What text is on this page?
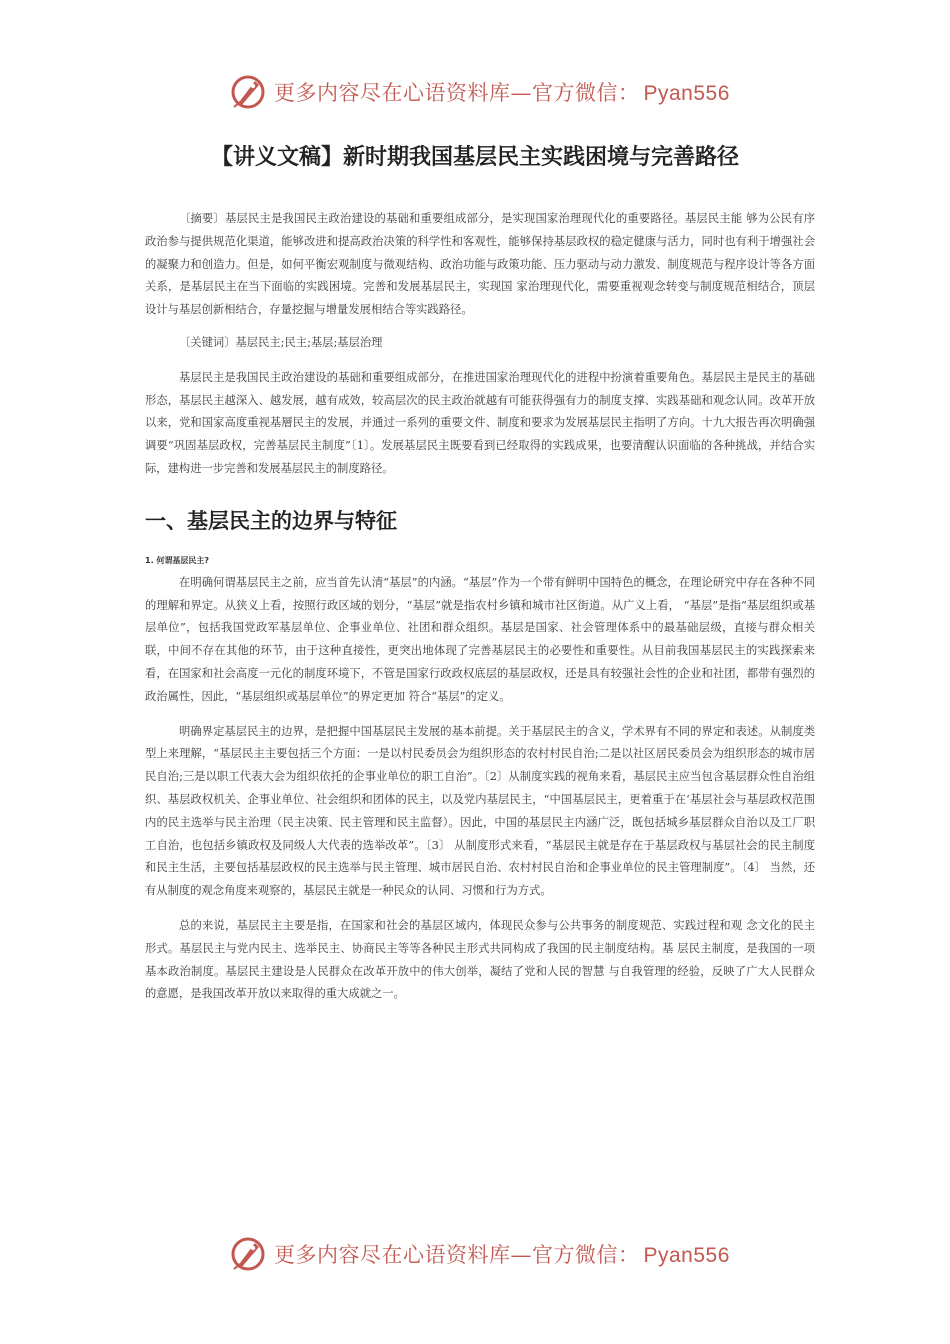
更多内容尽在心语资料库—官方微信： Pyan556
【讲义文稿】新时期我国基层民主实践困境与完善路径

〔摘要〕基层民主是我国民主政治建设的基础和重要组成部分，是实现国家治理现代化的重要路径。基层民主能 够为公民有序政治参与提供规范化渠道，能够改进和提高政治决策的科学性和客观性，能够保持基层政权的稳定健康与活力，同时也有利于增强社会的凝聚力和创造力。但是，如何平衡宏观制度与微观结构、政治功能与政策功能、压力驱动与动力激发、制度规范与程序设计等各方面关系，是基层民主在当下面临的实践困境。完善和发展基层民主，实现国 家治理现代化，需要重视观念转变与制度规范相结合，顶层设计与基层创新相结合，存量挖掘与增量发展相结合等实践路径。

〔关键词〕基层民主;民主;基层;基层治理

基层民主是我国民主政治建设的基础和重要组成部分，在推进国家治理现代化的进程中扮演着重要角色。基层民主是民主的基础形态，基层民主越深入、越发展，越有成效，较高层次的民主政治就越有可能获得强有力的制度支撑、实践基础和观念认同。改革开放以来，党和国家高度重视基層民主的发展，并通过一系列的重要文件、制度和要求为发展基层民主指明了方向。十九大报告再次明确强调要“巩固基层政权，完善基层民主制度”〔1〕。发展基层民主既要看到已经取得的实践成果，也要清醒认识面临的各种挑战，并结合实际，建构进一步完善和发展基层民主的制度路径。

一、基层民主的边界与特征
1. 何谓基层民主?

在明确何谓基层民主之前，应当首先认清“基层”的内涵。“基层”作为一个带有鲜明中国特色的概念，在理论研究中存在各种不同的理解和界定。从狭义上看，按照行政区域的划分，“基层”就是指农村乡镇和城市社区街道。从广义上看， “基层”是指“基层组织或基层单位”，包括我国党政军基层单位、企事业单位、社团和群众组织。基层是国家、社会管理体系中的最基础层级，直接与群众相关联，中间不存在其他的环节，由于这种直接性，更突出地体现了完善基层民主的必要性和重要性。从目前我国基层民主的实践探索来看，在国家和社会高度一元化的制度环境下，不管是国家行政政权底层的基层政权，还是具有较强社会性的企业和社团，都带有强烈的政治属性，因此，“基层组织或基层单位”的界定更加 符合“基层”的定义。

明确界定基层民主的边界，是把握中国基层民主发展的基本前提。关于基层民主的含义，学术界有不同的界定和表述。从制度类型上来理解，“基层民主主要包括三个方面：一是以村民委员会为组织形态的农村村民自治;二是以社区居民委员会为组织形态的城市居民自治;三是以职工代表大会为组织依托的企事业单位的职工自治”。〔2〕从制度实践的视角来看，基层民主应当包含基层群众性自治组织、基层政权机关、企事业单位、社会组织和团体的民主，以及党内基层民主，“中国基层民主，更着重于在‘基层社会与基层政权范围内的民主选举与民主治理（民主决策、民主管理和民主监督）。因此，中国的基层民主内涵广泛，既包括城乡基层群众自治以及工厂职工自治，也包括乡镇政权及同级人大代表的选举改革”。〔3〕 从制度形式来看，“基层民主就是存在于基层政权与基层社会的民主制度和民主生活，主要包括基层政权的民主选举与民主管理、城市居民自治、农村村民自治和企事业单位的民主管理制度”。〔4〕 当然，还有从制度的观念角度来观察的，基层民主就是一种民众的认同、习惯和行为方式。

总的来说，基层民主主要是指，在国家和社会的基层区域内，体现民众参与公共事务的制度规范、实践过程和观 念文化的民主形式。基层民主与党内民主、选举民主、协商民主等等各种民主形式共同构成了我国的民主制度结构。基 层民主制度，是我国的一项基本政治制度。基层民主建设是人民群众在改革开放中的伟大创举，凝结了党和人民的智慧 与自我管理的经验，反映了广大人民群众的意愿，是我国改革开放以来取得的重大成就之一。

更多内容尽在心语资料库—官方微信： Pyan556
